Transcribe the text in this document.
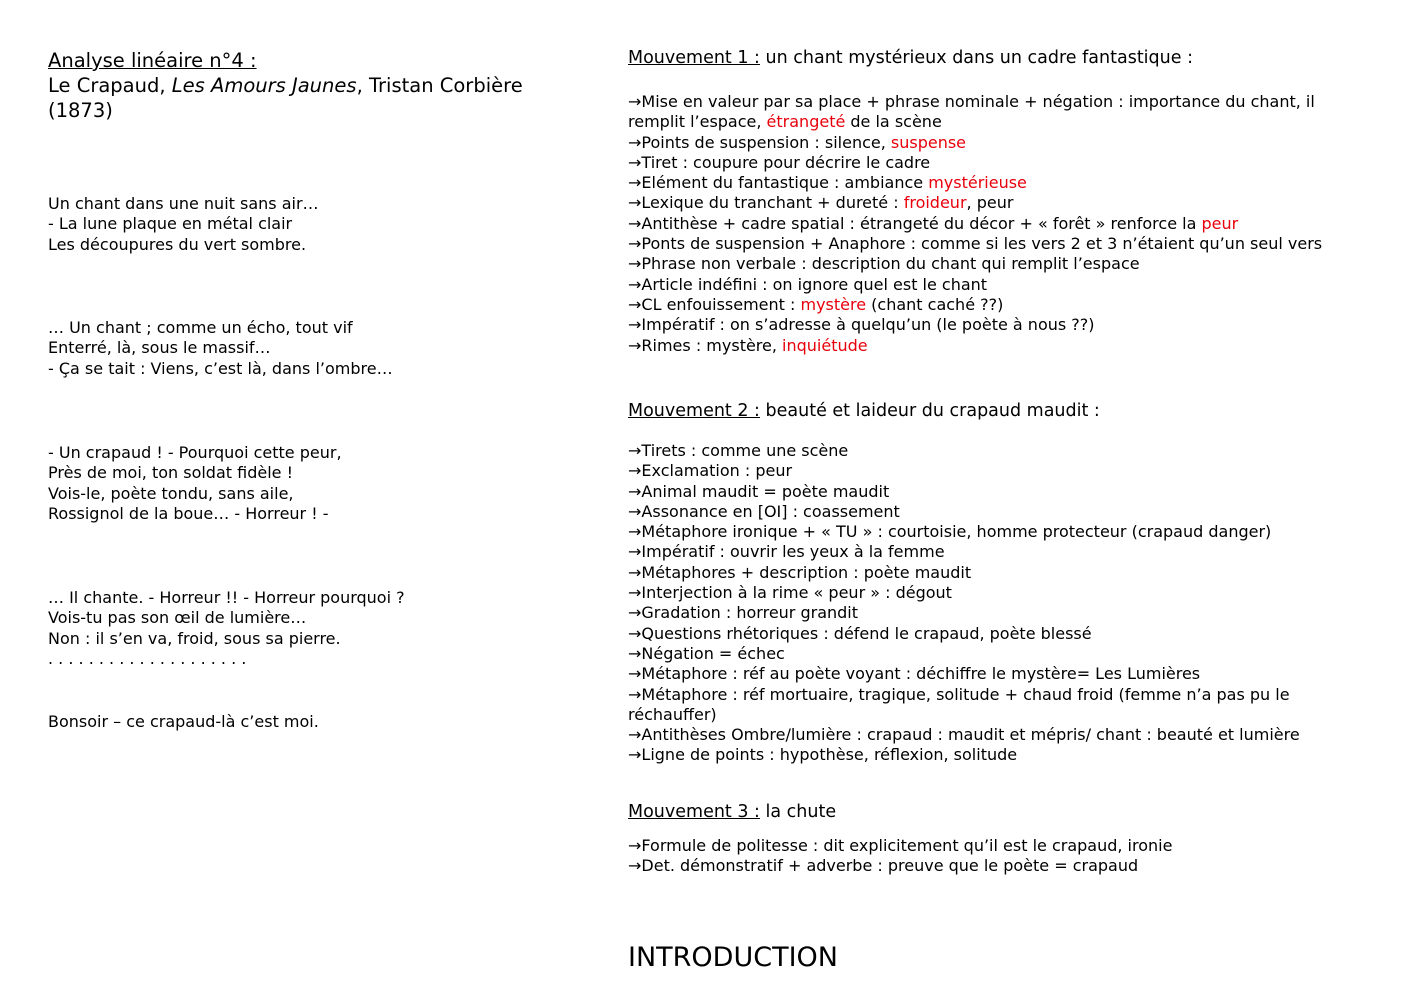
Analyse linéaire n°4 :
Le Crapaud, Les Amours Jaunes, Tristan Corbière
(1873)
Un chant dans une nuit sans air…
- La lune plaque en métal clair
Les découpures du vert sombre.
… Un chant ; comme un écho, tout vif
Enterré, là, sous le massif…
- Ça se tait : Viens, c’est là, dans l’ombre…
- Un crapaud ! - Pourquoi cette peur,
Près de moi, ton soldat fidèle !
Vois-le, poète tondu, sans aile,
Rossignol de la boue… - Horreur ! -
… Il chante. - Horreur !! - Horreur pourquoi ?
Vois-tu pas son œil de lumière…
Non : il s’en va, froid, sous sa pierre.
. . . . . . . . . . . . . . . . . . . .
Bonsoir – ce crapaud-là c’est moi.

Mouvement 1 : un chant mystérieux dans un cadre fantastique :

→Mise en valeur par sa place + phrase nominale + négation : importance du chant, il remplit l’espace, étrangeté de la scène
→Points de suspension : silence, suspense
→Tiret : coupure pour décrire le cadre
→Elément du fantastique : ambiance mystérieuse
→Lexique du tranchant + dureté : froideur, peur
→Antithèse + cadre spatial : étrangeté du décor + « forêt » renforce la peur
→Ponts de suspension + Anaphore : comme si les vers 2 et 3 n’étaient qu’un seul vers
→Phrase non verbale : description du chant qui remplit l’espace
→Article indéfini : on ignore quel est le chant
→CL enfouissement : mystère (chant caché ??)
→Impératif : on s’adresse à quelqu’un (le poète à nous ??)
→Rimes : mystère, inquiétude

Mouvement 2 : beauté et laideur du crapaud maudit :

→Tirets : comme une scène
→Exclamation : peur
→Animal maudit = poète maudit
→Assonance en [OI] : coassement
→Métaphore ironique + « TU » : courtoisie, homme protecteur (crapaud danger)
→Impératif : ouvrir les yeux à la femme
→Métaphores + description : poète maudit
→Interjection à la rime « peur » : dégout
→Gradation : horreur grandit
→Questions rhétoriques : défend le crapaud, poète blessé
→Négation = échec
→Métaphore : réf au poète voyant : déchiffre le mystère= Les Lumières
→Métaphore : réf mortuaire, tragique, solitude + chaud froid (femme n’a pas pu le réchauffer)
→Antithèses Ombre/lumière : crapaud : maudit et mépris/ chant : beauté et lumière
→Ligne de points : hypothèse, réflexion, solitude

Mouvement 3 : la chute

→Formule de politesse : dit explicitement qu’il est le crapaud, ironie
→Det. démonstratif + adverbe : preuve que le poète = crapaud
INTRODUCTION
